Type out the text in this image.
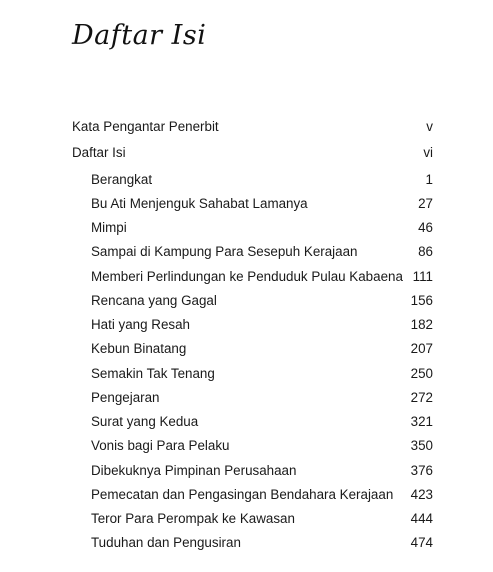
Daftar Isi
Kata Pengantar Penerbit	v
Daftar Isi	vi
Berangkat	1
Bu Ati Menjenguk Sahabat Lamanya	27
Mimpi	46
Sampai di Kampung Para Sesepuh Kerajaan	86
Memberi Perlindungan ke Penduduk Pulau Kabaena 111
Rencana yang Gagal	156
Hati yang Resah	182
Kebun Binatang	207
Semakin Tak Tenang	250
Pengejaran	272
Surat yang Kedua	321
Vonis bagi Para Pelaku	350
Dibekuknya Pimpinan Perusahaan	376
Pemecatan dan Pengasingan Bendahara Kerajaan 423
Teror Para Perompak ke Kawasan	444
Tuduhan dan Pengusiran	474
